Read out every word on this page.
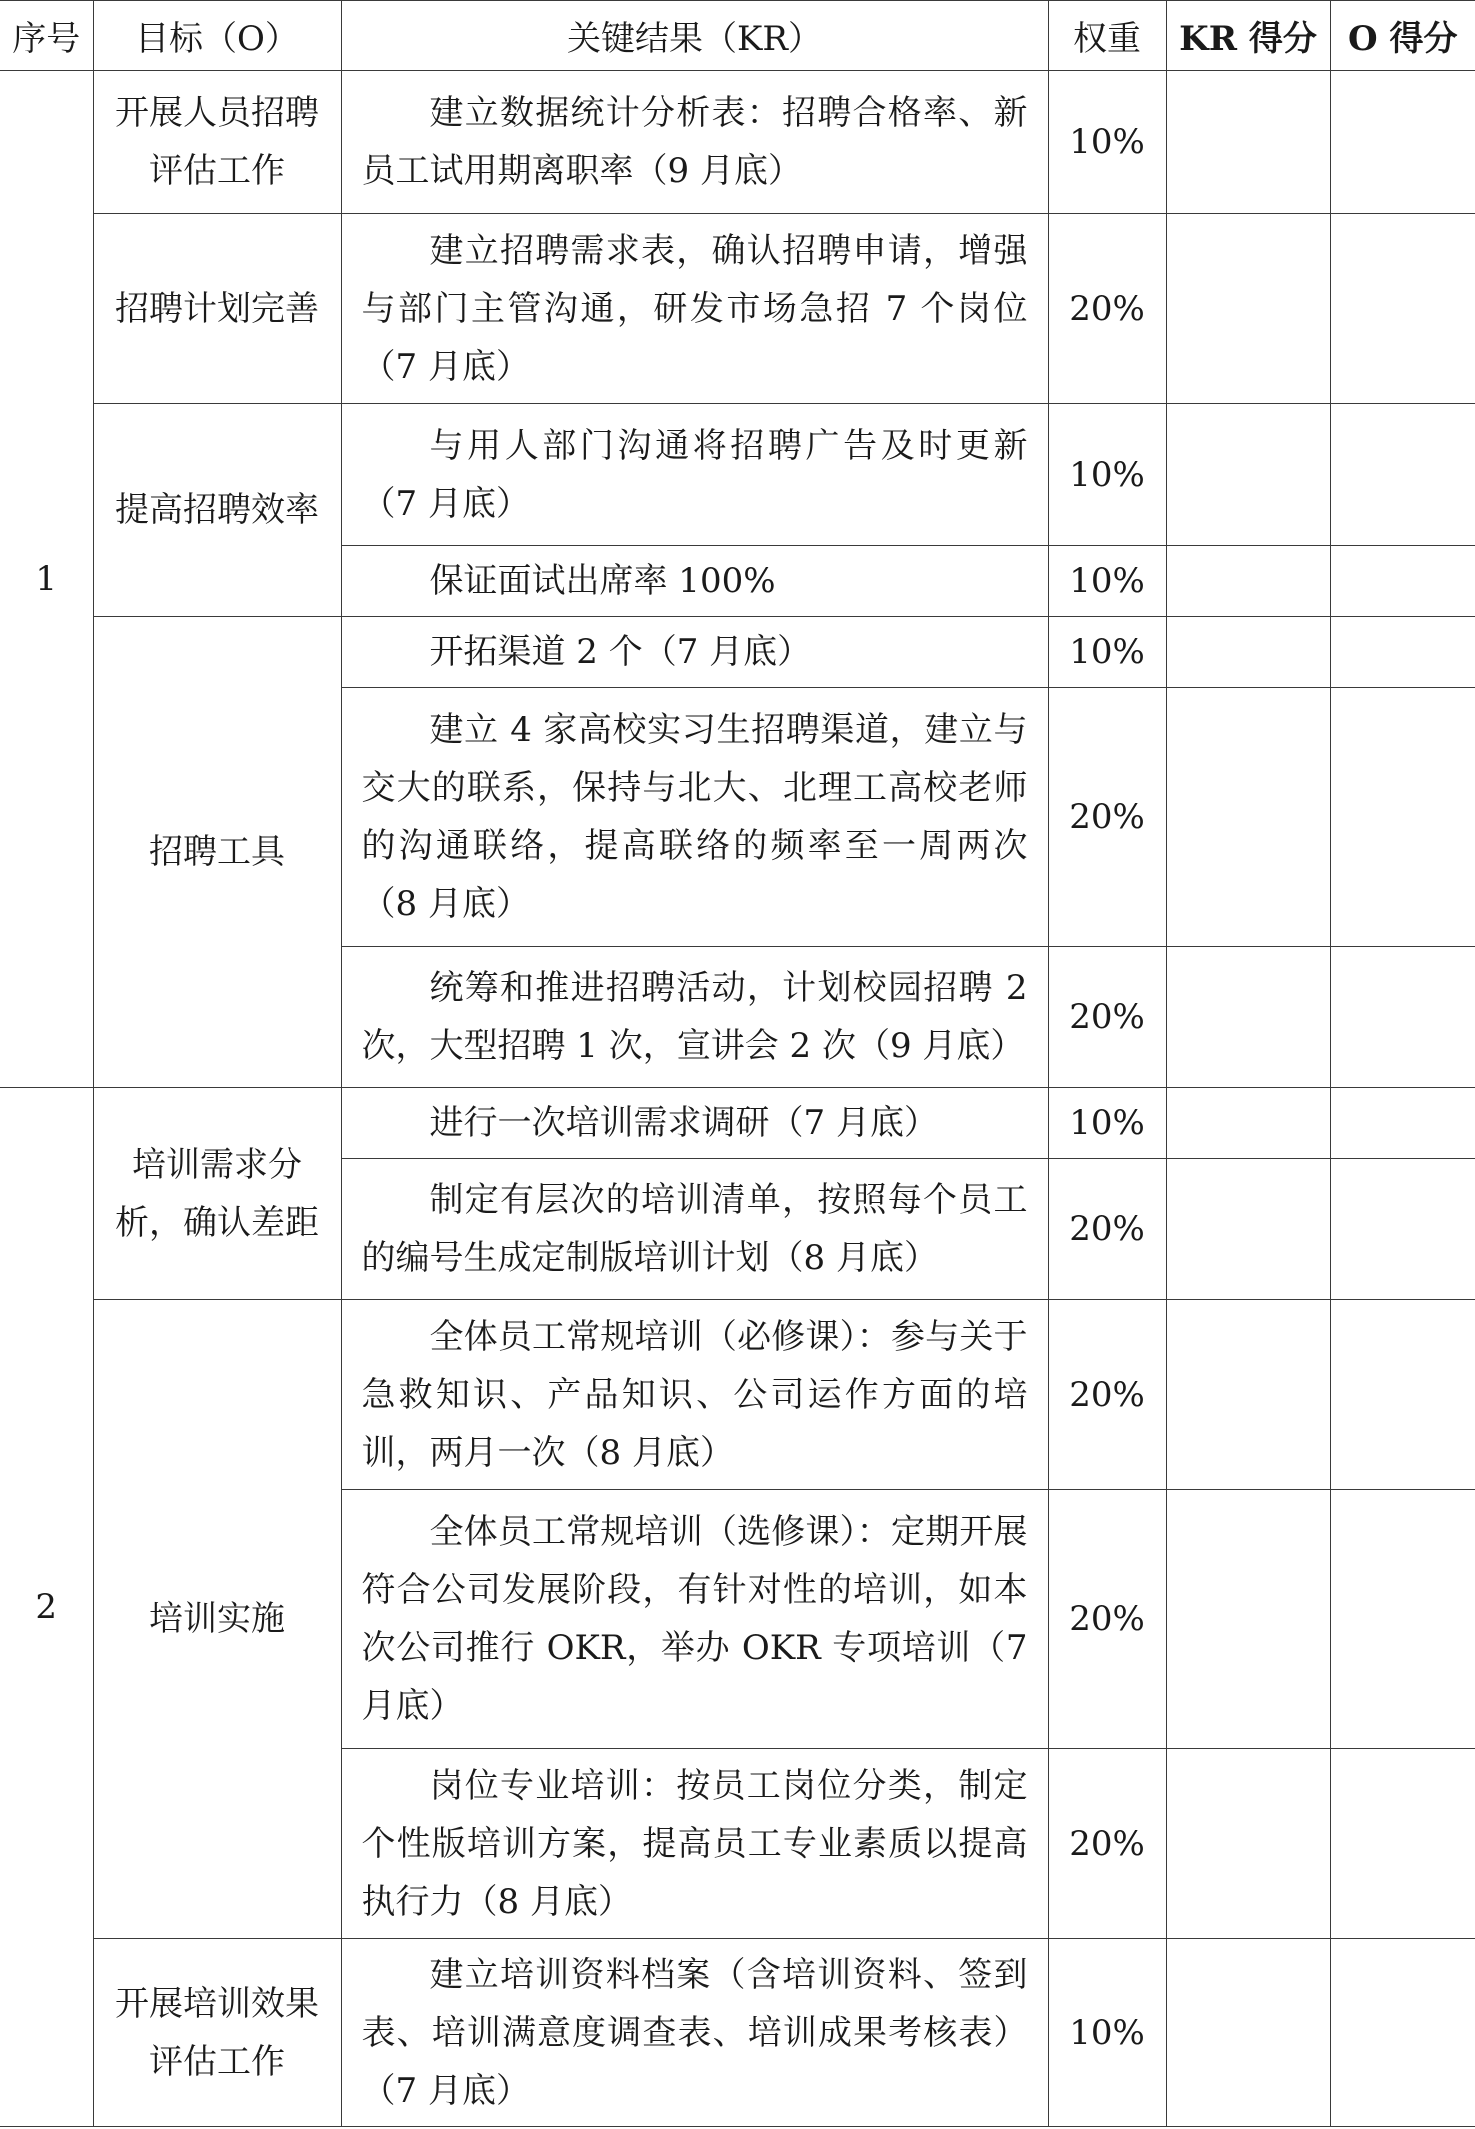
序号	目标（O）	关键结果（KR）	权重	KR 得分	O 得分
1	开展人员招聘评估工作	建立数据统计分析表：招聘合格率、新员工试用期离职率（9 月底）	10%		
	招聘计划完善	建立招聘需求表，确认招聘申请，增强与部门主管沟通，研发市场急招 7 个岗位（7 月底）	20%		
	提高招聘效率	与用人部门沟通将招聘广告及时更新（7 月底）	10%		
		保证面试出席率 100%	10%		
	招聘工具	开拓渠道 2 个（7 月底）	10%		
		建立 4 家高校实习生招聘渠道，建立与交大的联系，保持与北大、北理工高校老师的沟通联络，提高联络的频率至一周两次（8 月底）	20%		
		统筹和推进招聘活动，计划校园招聘 2 次，大型招聘 1 次，宣讲会 2 次（9 月底）	20%		
2	培训需求分析，确认差距	进行一次培训需求调研（7 月底）	10%		
		制定有层次的培训清单，按照每个员工的编号生成定制版培训计划（8 月底）	20%		
	培训实施	全体员工常规培训（必修课）：参与关于急救知识、产品知识、公司运作方面的培训，两月一次（8 月底）	20%		
		全体员工常规培训（选修课）：定期开展符合公司发展阶段，有针对性的培训，如本次公司推行 OKR，举办 OKR 专项培训（7 月底）	20%		
		岗位专业培训：按员工岗位分类，制定个性版培训方案，提高员工专业素质以提高执行力（8 月底）	20%		
	开展培训效果评估工作	建立培训资料档案（含培训资料、签到表、培训满意度调查表、培训成果考核表）（7 月底）	10%		
